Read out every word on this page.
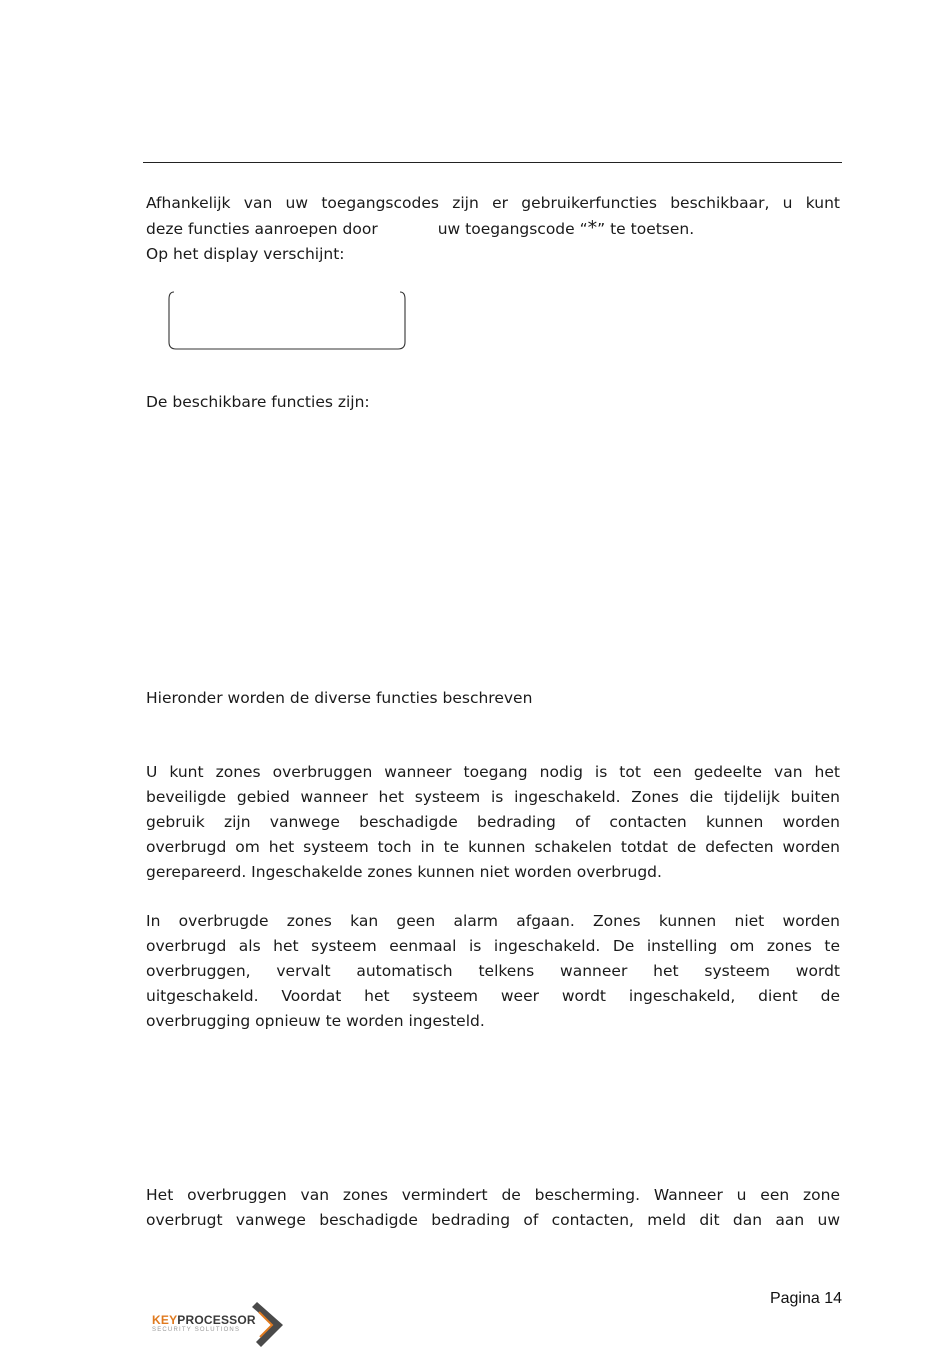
Afhankelijk van uw toegangscodes zijn er gebruikerfuncties beschikbaar, u kunt
deze functies aanroepen door	uw toegangscode “*” te toetsen.
Op het display verschijnt:

De beschikbare functies zijn:

Hieronder worden de diverse functies beschreven

U kunt zones overbruggen wanneer toegang nodig is tot een gedeelte van het
beveiligde gebied wanneer het systeem is ingeschakeld. Zones die tijdelijk buiten
gebruik zijn vanwege beschadigde bedrading of contacten kunnen worden
overbrugd om het systeem toch in te kunnen schakelen totdat de defecten worden
gerepareerd. Ingeschakelde zones kunnen niet worden overbrugd.

In overbrugde zones kan geen alarm afgaan. Zones kunnen niet worden
overbrugd als het systeem eenmaal is ingeschakeld. De instelling om zones te
overbruggen, vervalt automatisch telkens wanneer het systeem wordt
uitgeschakeld. Voordat het systeem weer wordt ingeschakeld, dient de
overbrugging opnieuw te worden ingesteld.

Het overbruggen van zones vermindert de bescherming. Wanneer u een zone
overbrugt vanwege beschadigde bedrading of contacten, meld dit dan aan uw

KEYPROCESSOR
SECURITY SOLUTIONS
Pagina 14
